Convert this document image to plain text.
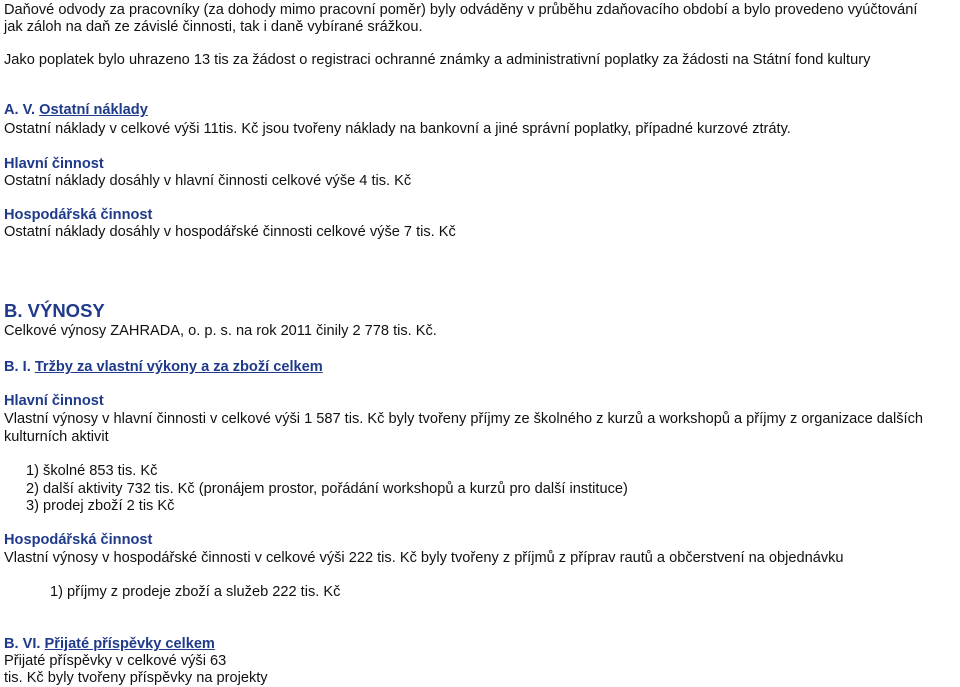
Daňové odvody za pracovníky (za dohody mimo pracovní poměr) byly odváděny v průběhu zdaňovacího období a bylo provedeno vyúčtování
jak záloh na daň ze závislé činnosti, tak i daně vybírané srážkou.
Jako poplatek bylo uhrazeno 13 tis za žádost o registraci ochranné známky a administrativní poplatky za žádosti na Státní fond kultury
A. V. Ostatní náklady
Ostatní náklady v celkové výši 11tis. Kč jsou tvořeny náklady na bankovní a jiné správní poplatky, případné kurzové ztráty.
Hlavní činnost
Ostatní náklady dosáhly v hlavní činnosti celkové výše 4 tis. Kč
Hospodářská činnost
Ostatní náklady dosáhly v hospodářské činnosti celkové výše 7 tis. Kč
B. VÝNOSY
Celkové výnosy ZAHRADA, o. p. s. na rok 2011 činily 2 778 tis. Kč.
B. I. Tržby za vlastní výkony a za zboží celkem
Hlavní činnost
Vlastní výnosy v hlavní činnosti v celkové výši 1 587 tis. Kč byly tvořeny příjmy ze školného z kurzů a workshopů a příjmy z organizace dalších
kulturních aktivit
1) školné 853 tis. Kč
2) další aktivity 732 tis. Kč (pronájem prostor, pořádání workshopů a kurzů pro další instituce)
3) prodej zboží 2 tis Kč
Hospodářská činnost
Vlastní výnosy v hospodářské činnosti v celkové výši 222 tis. Kč byly tvořeny z příjmů z příprav rautů a občerstvení na objednávku
1) příjmy z prodeje zboží a služeb 222 tis. Kč
B. VI. Přijaté příspěvky celkem
Přijaté příspěvky v celkové výši 63
tis. Kč byly tvořeny příspěvky na projekty
